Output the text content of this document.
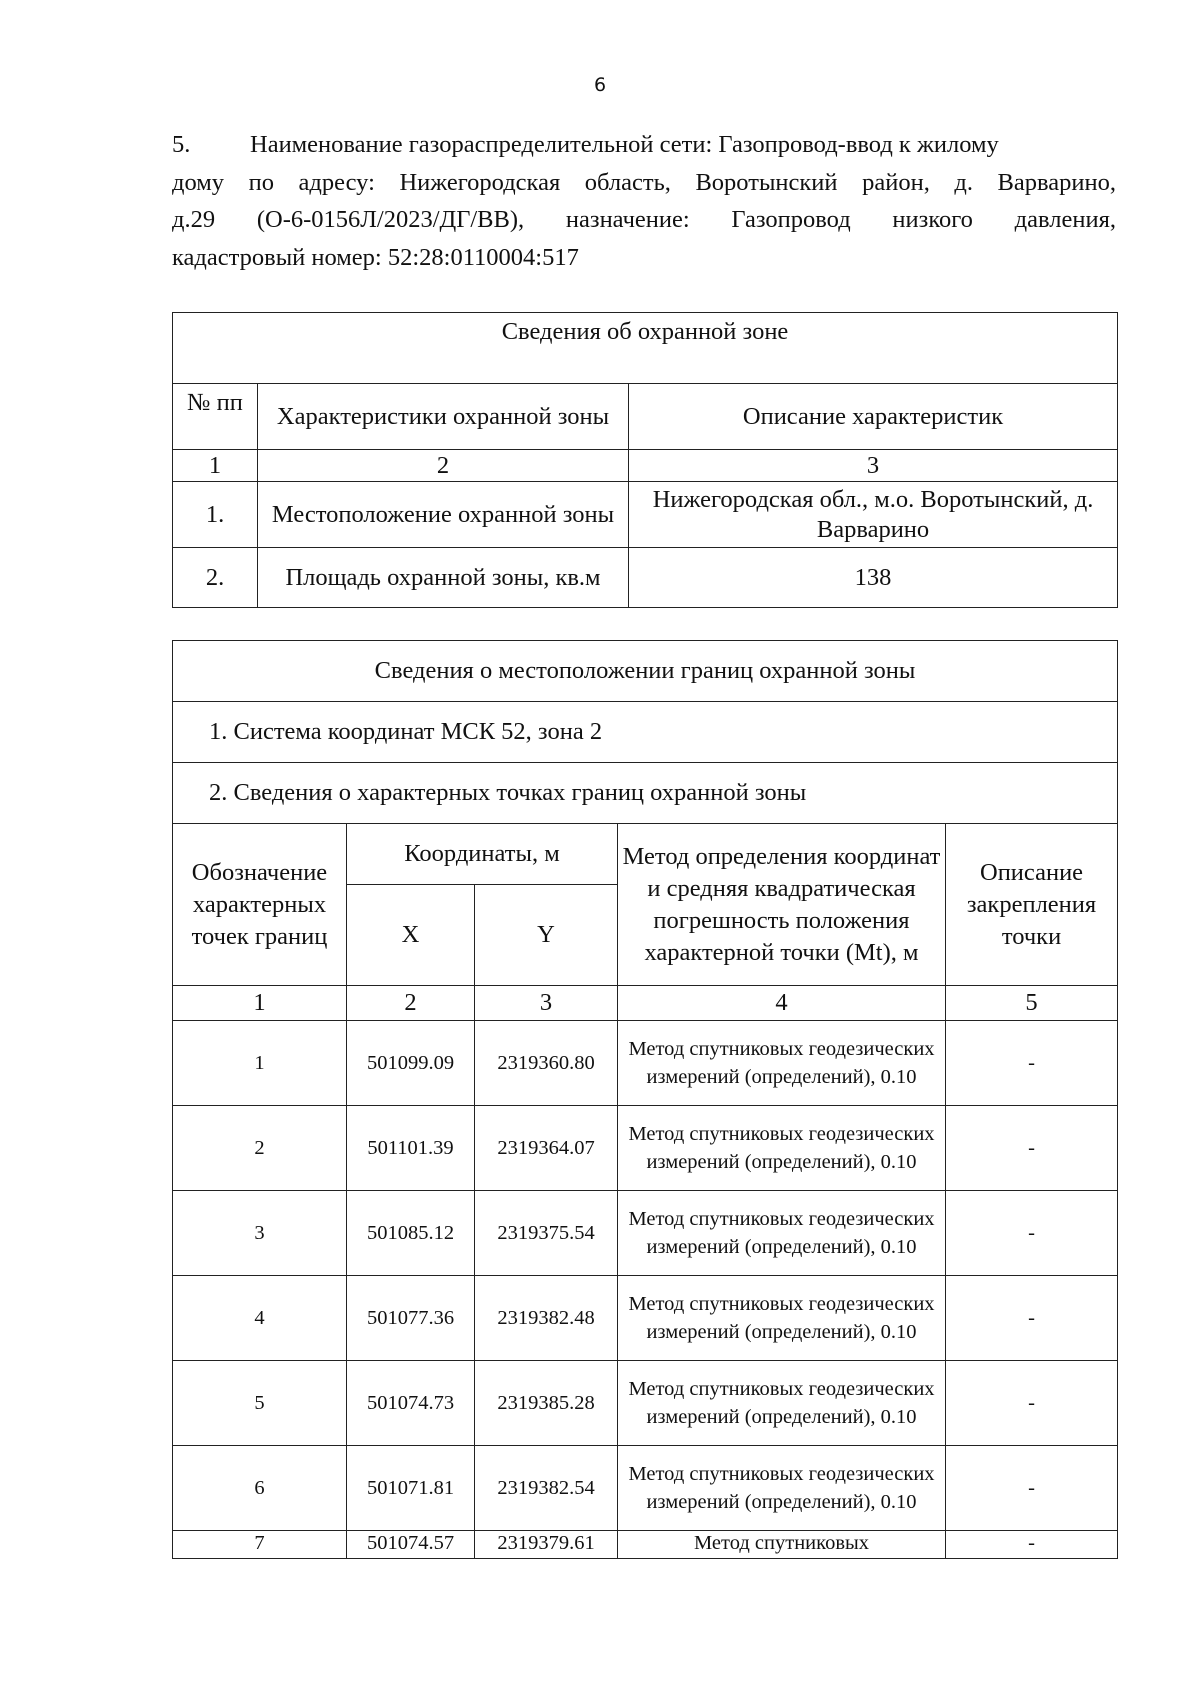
6
5. Наименование газораспределительной сети: Газопровод-ввод к жилому
дому по адресу: Нижегородская область, Воротынский район, д. Варварино,
д.29 (О-6-0156Л/2023/ДГ/ВВ), назначение: Газопровод низкого давления,
кадастровый номер: 52:28:0110004:517
Сведения об охранной зоне		
№ пп	Характеристики охранной зоны	Описание характеристик
1	2	3
1.	Местоположение охранной зоны	Нижегородская обл., м.о. Воротынский, д. Варварино
2.	Площадь охранной зоны, кв.м	138
Сведения о местоположении границ охранной зоны				
1. Система координат МСК 52, зона 2				
2. Сведения о характерных точках границ охранной зоны				
Обозначение характерных точек границ	Координаты, м		Метод определения координат и средняя квадратическая погрешность положения характерной точки (Mt), м	Описание закрепления точки
	X	Y		
1	2	3	4	5
1	501099.09	2319360.80	Метод спутниковых геодезических измерений (определений), 0.10	-
2	501101.39	2319364.07	Метод спутниковых геодезических измерений (определений), 0.10	-
3	501085.12	2319375.54	Метод спутниковых геодезических измерений (определений), 0.10	-
4	501077.36	2319382.48	Метод спутниковых геодезических измерений (определений), 0.10	-
5	501074.73	2319385.28	Метод спутниковых геодезических измерений (определений), 0.10	-
6	501071.81	2319382.54	Метод спутниковых геодезических измерений (определений), 0.10	-
7	501074.57	2319379.61	Метод спутниковых	-
